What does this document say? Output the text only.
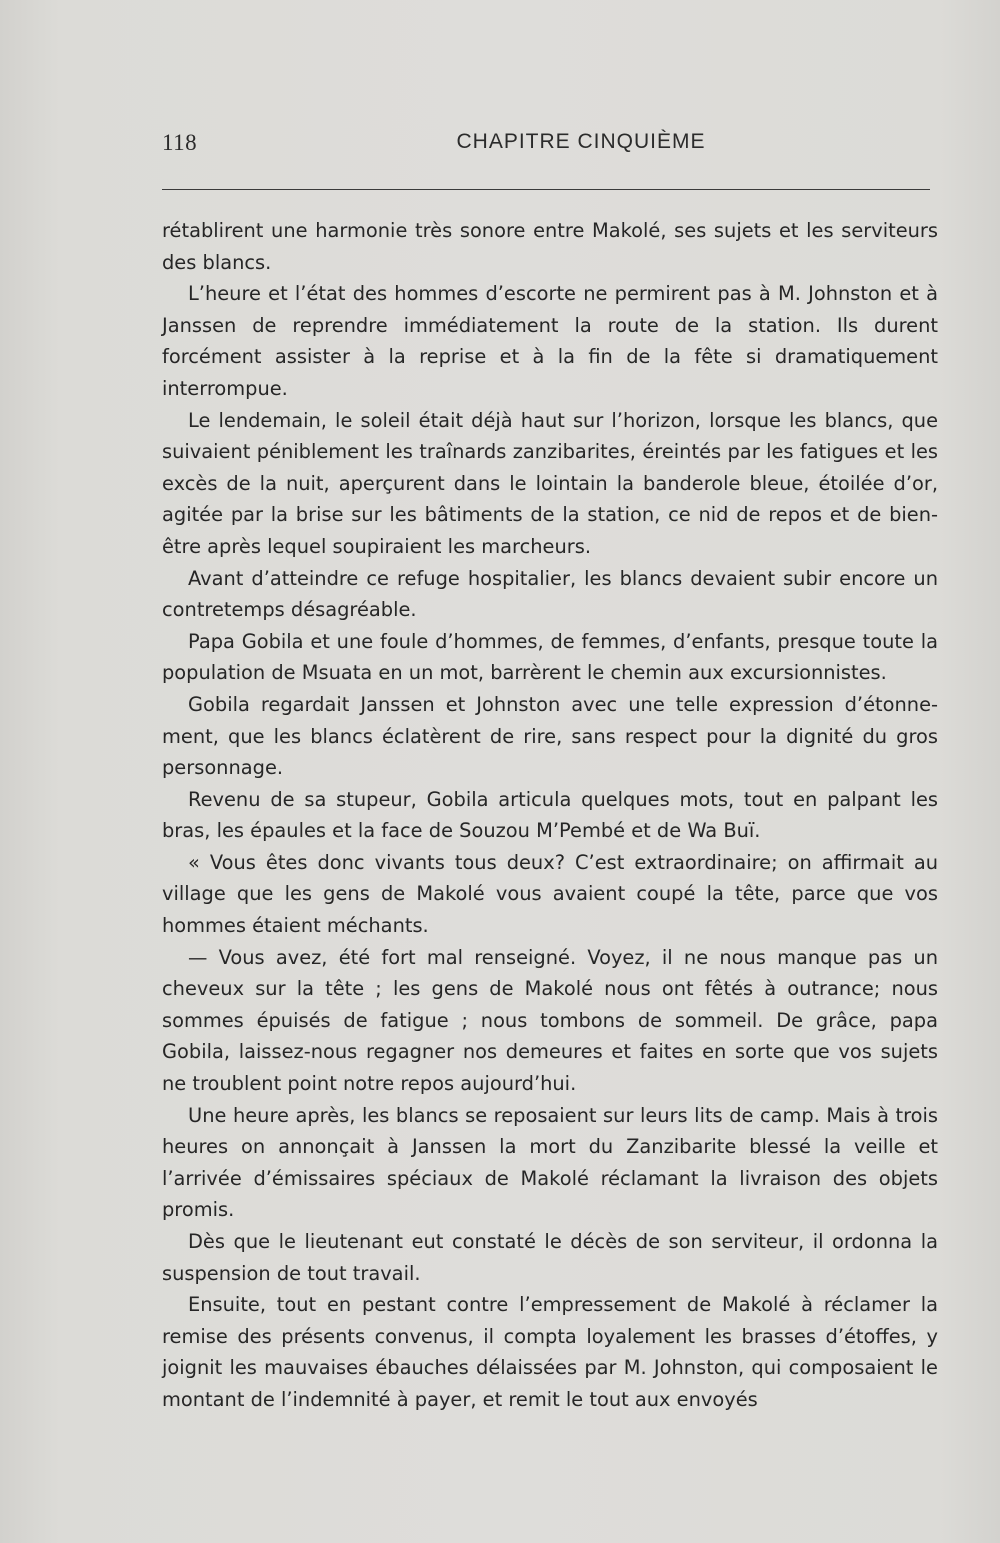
118	CHAPITRE CINQUIÈME

rétablirent une harmonie très sonore entre Makolé, ses sujets et les serviteurs des blancs.

L’heure et l’état des hommes d’escorte ne permirent pas à M. Johnston et à Janssen de reprendre immédiatement la route de la station. Ils durent forcément assister à la reprise et à la fin de la fête si dramatiquement interrompue.

Le lendemain, le soleil était déjà haut sur l’horizon, lorsque les blancs, que suivaient péniblement les traînards zanzibarites, éreintés par les fatigues et les excès de la nuit, aperçurent dans le lointain la banderole bleue, étoilée d’or, agitée par la brise sur les bâtiments de la station, ce nid de repos et de bien-être après lequel soupiraient les marcheurs.

Avant d’atteindre ce refuge hospitalier, les blancs devaient subir encore un contretemps désagréable.

Papa Gobila et une foule d’hommes, de femmes, d’enfants, presque toute la population de Msuata en un mot, barrèrent le chemin aux excursionnistes.

Gobila regardait Janssen et Johnston avec une telle expression d’étonnement, que les blancs éclatèrent de rire, sans respect pour la dignité du gros personnage.

Revenu de sa stupeur, Gobila articula quelques mots, tout en palpant les bras, les épaules et la face de Souzou M’Pembé et de Wa Buï.

« Vous êtes donc vivants tous deux? C’est extraordinaire; on affirmait au village que les gens de Makolé vous avaient coupé la tête, parce que vos hommes étaient méchants.

— Vous avez, été fort mal renseigné. Voyez, il ne nous manque pas un cheveux sur la tête ; les gens de Makolé nous ont fêtés à outrance; nous sommes épuisés de fatigue ; nous tombons de sommeil. De grâce, papa Gobila, laissez-nous regagner nos demeures et faites en sorte que vos sujets ne troublent point notre repos aujourd’hui.

Une heure après, les blancs se reposaient sur leurs lits de camp. Mais à trois heures on annonçait à Janssen la mort du Zanzibarite blessé la veille et l’arrivée d’émissaires spéciaux de Makolé réclamant la livraison des objets promis.

Dès que le lieutenant eut constaté le décès de son serviteur, il ordonna la suspension de tout travail.

Ensuite, tout en pestant contre l’empressement de Makolé à réclamer la remise des présents convenus, il compta loyalement les brasses d’étoffes, y joignit les mauvaises ébauches délaissées par M. Johnston, qui composaient le montant de l’indemnité à payer, et remit le tout aux envoyés
